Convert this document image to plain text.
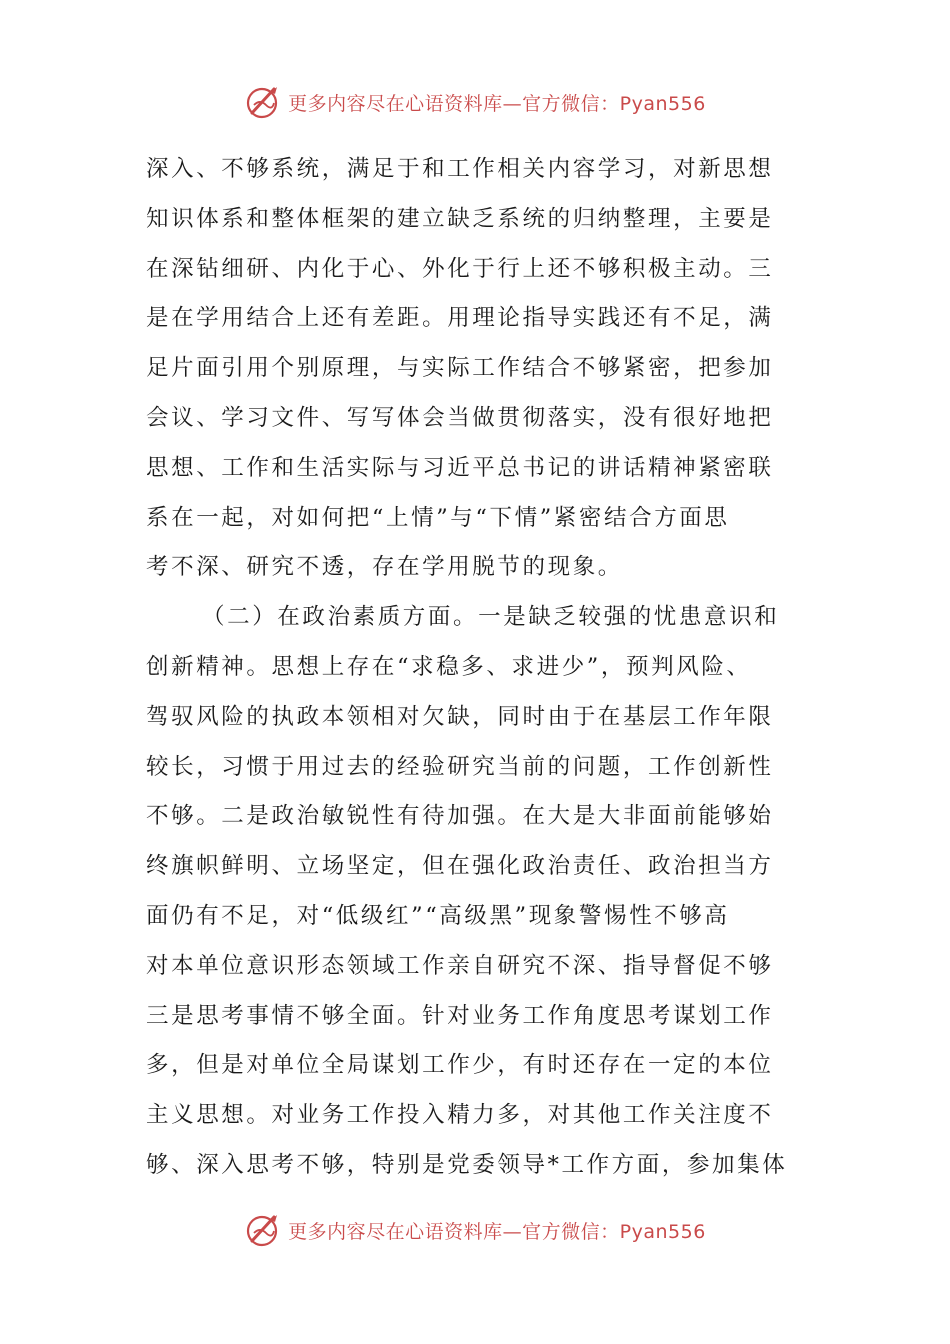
更多内容尽在心语资料库—官方微信：Pyan556
深入、不够系统，满足于和工作相关内容学习，对新思想
知识体系和整体框架的建立缺乏系统的归纳整理，主要是
在深钻细研、内化于心、外化于行上还不够积极主动。三
是在学用结合上还有差距。用理论指导实践还有不足，满
足片面引用个别原理，与实际工作结合不够紧密，把参加
会议、学习文件、写写体会当做贯彻落实，没有很好地把
思想、工作和生活实际与习近平总书记的讲话精神紧密联
系在一起，对如何把“上情”与“下情”紧密结合方面思
考不深、研究不透，存在学用脱节的现象。
（二）在政治素质方面。一是缺乏较强的忧患意识和
创新精神。思想上存在“求稳多、求进少”，预判风险、
驾驭风险的执政本领相对欠缺，同时由于在基层工作年限
较长，习惯于用过去的经验研究当前的问题，工作创新性
不够。二是政治敏锐性有待加强。在大是大非面前能够始
终旗帜鲜明、立场坚定，但在强化政治责任、政治担当方
面仍有不足，对“低级红”“高级黑”现象警惕性不够高
对本单位意识形态领域工作亲自研究不深、指导督促不够
三是思考事情不够全面。针对业务工作角度思考谋划工作
多，但是对单位全局谋划工作少，有时还存在一定的本位
主义思想。对业务工作投入精力多，对其他工作关注度不
够、深入思考不够，特别是党委领导*工作方面，参加集体
更多内容尽在心语资料库—官方微信：Pyan556
